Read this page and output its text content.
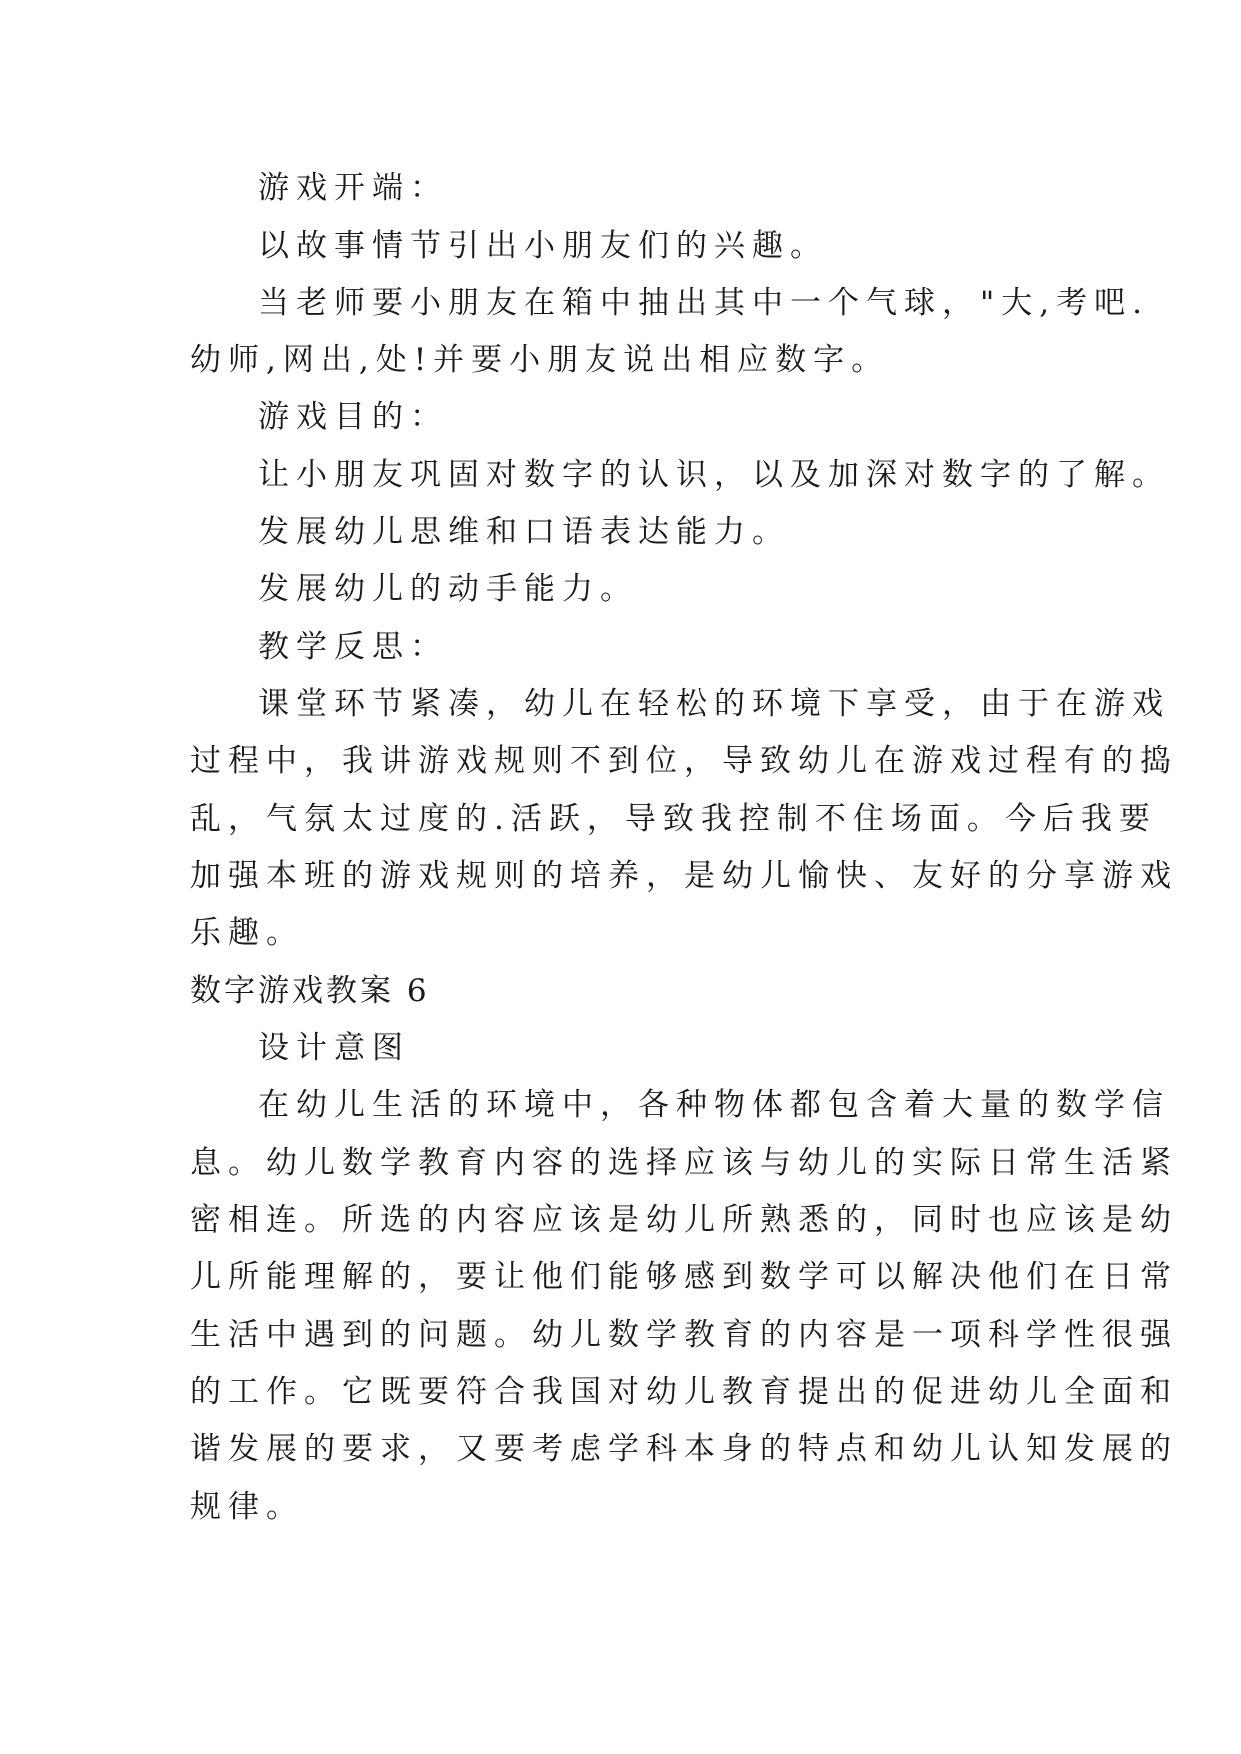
游戏开端：
以故事情节引出小朋友们的兴趣。
当老师要小朋友在箱中抽出其中一个气球，"大,考吧.
幼师,网出,处!并要小朋友说出相应数字。
游戏目的：
让小朋友巩固对数字的认识，以及加深对数字的了解。
发展幼儿思维和口语表达能力。
发展幼儿的动手能力。
教学反思：
课堂环节紧凑，幼儿在轻松的环境下享受，由于在游戏
过程中，我讲游戏规则不到位，导致幼儿在游戏过程有的捣
乱，气氛太过度的.活跃，导致我控制不住场面。今后我要
加强本班的游戏规则的培养，是幼儿愉快、友好的分享游戏
乐趣。
数字游戏教案 6
设计意图
在幼儿生活的环境中，各种物体都包含着大量的数学信
息。幼儿数学教育内容的选择应该与幼儿的实际日常生活紧
密相连。所选的内容应该是幼儿所熟悉的，同时也应该是幼
儿所能理解的，要让他们能够感到数学可以解决他们在日常
生活中遇到的问题。幼儿数学教育的内容是一项科学性很强
的工作。它既要符合我国对幼儿教育提出的促进幼儿全面和
谐发展的要求，又要考虑学科本身的特点和幼儿认知发展的
规律。
